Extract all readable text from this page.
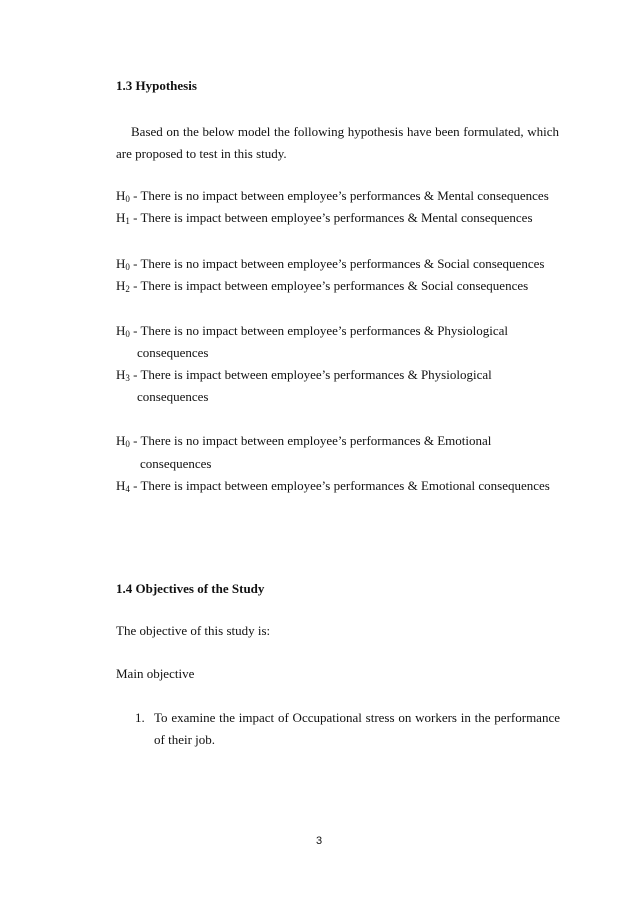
1.3 Hypothesis
Based on the below model the following hypothesis have been formulated, which
are proposed to test in this study.
$H_0$ - There is no impact between employee’s performances & Mental consequences
$H_1$ - There is impact between employee’s performances & Mental consequences
$H_0$ - There is no impact between employee’s performances & Social consequences
$H_2$ - There is impact between employee’s performances & Social consequences
$H_0$ - There is no impact between employee’s performances & Physiological
consequences
$H_3$ - There is impact between employee’s performances & Physiological
consequences
$H_0$ - There is no impact between employee’s performances & Emotional
consequences
$H_4$ - There is impact between employee’s performances & Emotional consequences
1.4 Objectives of the Study
The objective of this study is:
Main objective
1. To examine the impact of Occupational stress on workers in the performance
of their job.
3
